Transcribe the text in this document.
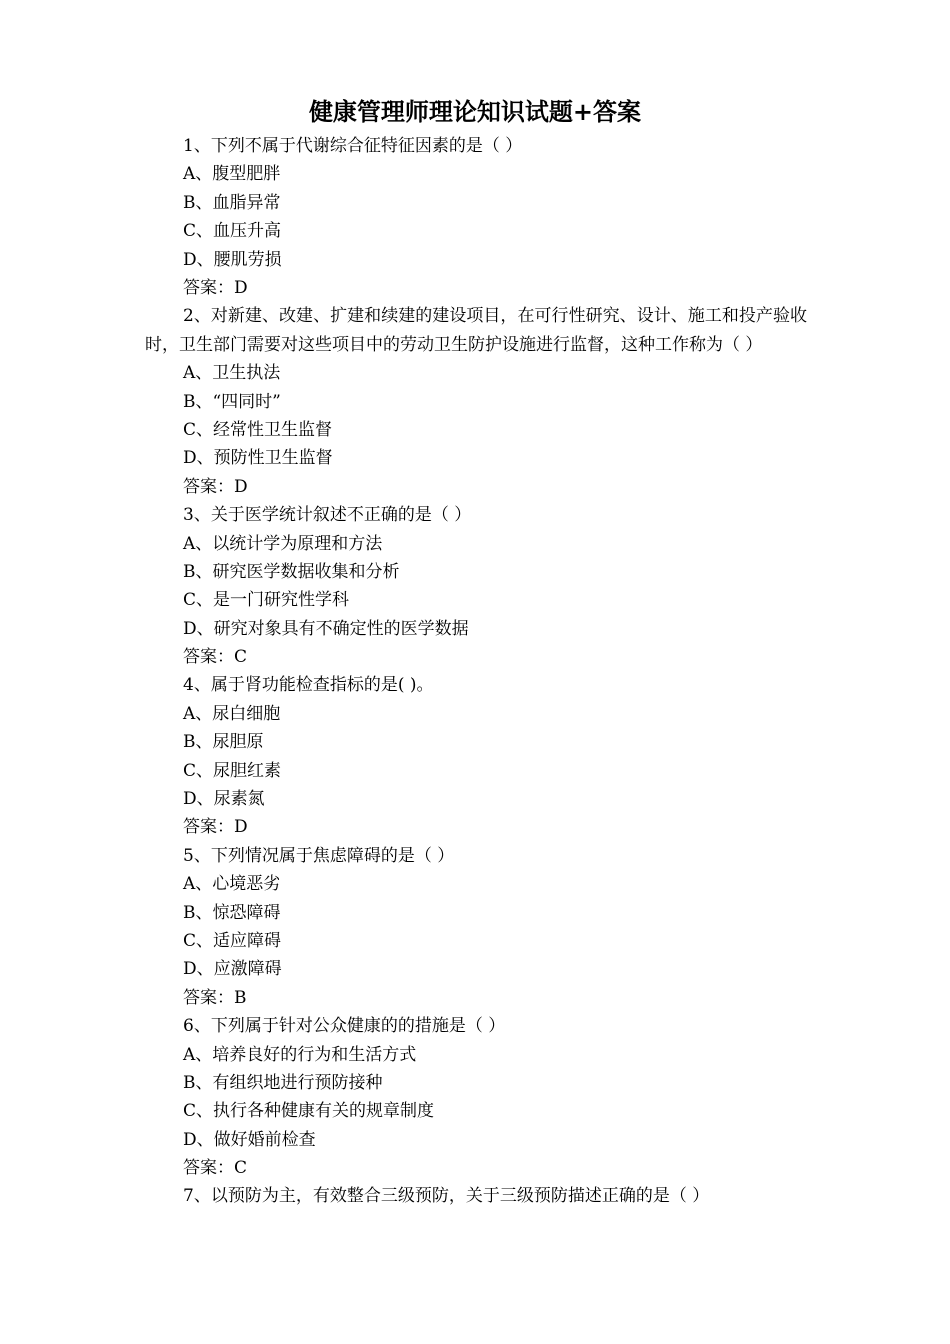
健康管理师理论知识试题+答案
1、下列不属于代谢综合征特征因素的是（ ）
A、腹型肥胖
B、血脂异常
C、血压升高
D、腰肌劳损
答案：D
2、对新建、改建、扩建和续建的建设项目，在可行性研究、设计、施工和投产验收时，卫生部门需要对这些项目中的劳动卫生防护设施进行监督，这种工作称为（ ）
A、卫生执法
B、“四同时”
C、经常性卫生监督
D、预防性卫生监督
答案：D
3、关于医学统计叙述不正确的是（ ）
A、以统计学为原理和方法
B、研究医学数据收集和分析
C、是一门研究性学科
D、研究对象具有不确定性的医学数据
答案：C
4、属于肾功能检查指标的是( )。
A、尿白细胞
B、尿胆原
C、尿胆红素
D、尿素氮
答案：D
5、下列情况属于焦虑障碍的是（ ）
A、心境恶劣
B、惊恐障碍
C、适应障碍
D、应激障碍
答案：B
6、下列属于针对公众健康的的措施是（ ）
A、培养良好的行为和生活方式
B、有组织地进行预防接种
C、执行各种健康有关的规章制度
D、做好婚前检查
答案：C
7、以预防为主，有效整合三级预防，关于三级预防描述正确的是（ ）
